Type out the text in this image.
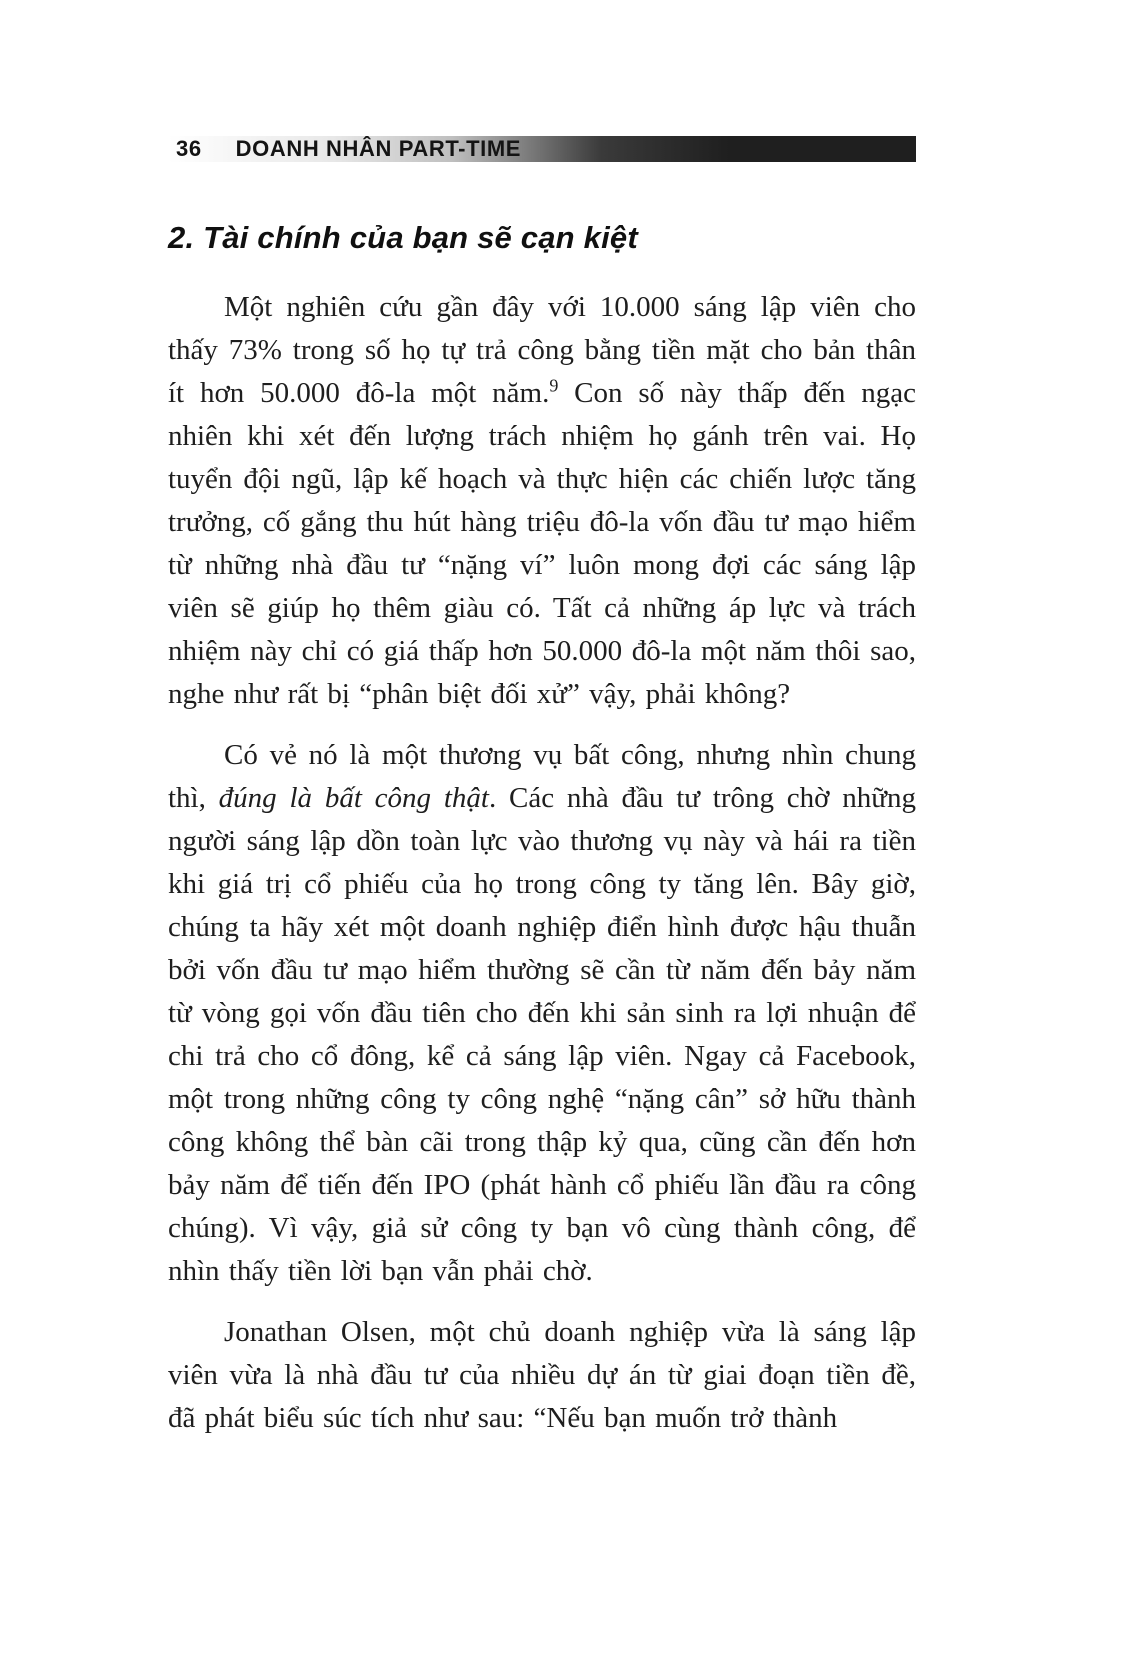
36 DOANH NHÂN PART-TIME
2. Tài chính của bạn sẽ cạn kiệt

Một nghiên cứu gần đây với 10.000 sáng lập viên cho thấy 73% trong số họ tự trả công bằng tiền mặt cho bản thân ít hơn 50.000 đô-la một năm.$^9$ Con số này thấp đến ngạc nhiên khi xét đến lượng trách nhiệm họ gánh trên vai. Họ tuyển đội ngũ, lập kế hoạch và thực hiện các chiến lược tăng trưởng, cố gắng thu hút hàng triệu đô-la vốn đầu tư mạo hiểm từ những nhà đầu tư “nặng ví” luôn mong đợi các sáng lập viên sẽ giúp họ thêm giàu có. Tất cả những áp lực và trách nhiệm này chỉ có giá thấp hơn 50.000 đô-la một năm thôi sao, nghe như rất bị “phân biệt đối xử” vậy, phải không?

Có vẻ nó là một thương vụ bất công, nhưng nhìn chung thì, đúng là bất công thật. Các nhà đầu tư trông chờ những người sáng lập dồn toàn lực vào thương vụ này và hái ra tiền khi giá trị cổ phiếu của họ trong công ty tăng lên. Bây giờ, chúng ta hãy xét một doanh nghiệp điển hình được hậu thuẫn bởi vốn đầu tư mạo hiểm thường sẽ cần từ năm đến bảy năm từ vòng gọi vốn đầu tiên cho đến khi sản sinh ra lợi nhuận để chi trả cho cổ đông, kể cả sáng lập viên. Ngay cả Facebook, một trong những công ty công nghệ “nặng cân” sở hữu thành công không thể bàn cãi trong thập kỷ qua, cũng cần đến hơn bảy năm để tiến đến IPO (phát hành cổ phiếu lần đầu ra công chúng). Vì vậy, giả sử công ty bạn vô cùng thành công, để nhìn thấy tiền lời bạn vẫn phải chờ.

Jonathan Olsen, một chủ doanh nghiệp vừa là sáng lập viên vừa là nhà đầu tư của nhiều dự án từ giai đoạn tiền đề, đã phát biểu súc tích như sau: “Nếu bạn muốn trở thành
